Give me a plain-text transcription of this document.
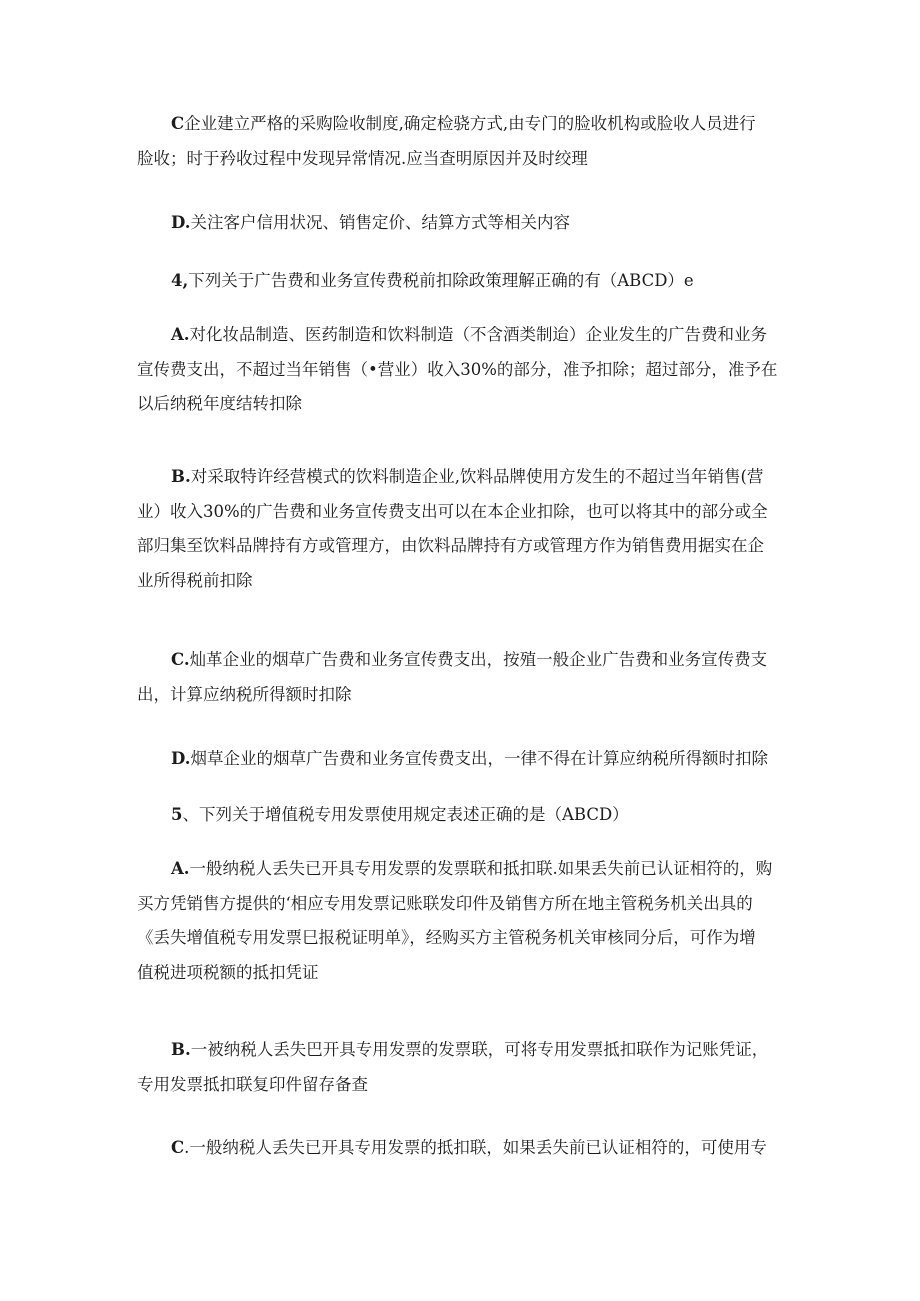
C企业建立严格的采购险收制度,确定检骁方式,由专门的脸收机构或脸收人员进行
脸收；时于矜收过程中发现异常情况.应当查明原因并及时绞理

D.关注客户信用状况、销售定价、结算方式等相关内容

4,下列关于广告费和业务宣传费税前扣除政策理解正确的有（ABCD）e

A.对化妆品制造、医药制造和饮料制造（不含酒类制迨）企业发生的广告费和业务
宣传费支出，不超过当年销售（•营业）收入30%的部分，准予扣除；超过部分，准予在
以后纳税年度结转扣除

B.对采取特许经营模式的饮料制造企业,饮料品牌使用方发生的不超过当年销售(营
业）收入30%的广告费和业务宣传费支出可以在本企业扣除，也可以将其中的部分或全
部归集至饮料品牌持有方或管理方，由饮料品牌持有方或管理方作为销售费用据实在企
业所得税前扣除

C.灿革企业的烟草广告费和业务宣传费支出，按殖一般企业广告费和业务宣传费支
出，计算应纳税所得额时扣除

D.烟草企业的烟草广告费和业务宣传费支出，一律不得在计算应纳税所得额时扣除

5、下列关于增值税专用发票使用规定表述正确的是（ABCD）

A.一般纳税人丢失已开具专用发票的发票联和抵扣联.如果丢失前已认证相符的，购
买方凭销售方提供的‘相应专用发票记账联发印件及销售方所在地主管税务机关出具的
《丢失增值税专用发票巳报税证明单》，经购买方主管税务机关审核同分后，可作为增
值税进项税额的抵扣凭证

B.一被纳税人丢失巴开具专用发票的发票联，可将专用发票抵扣联作为记账凭证，
专用发票抵扣联复印件留存备查

C.一般纳税人丢失已开具专用发票的抵扣联，如果丢失前已认证相符的，可使用专
